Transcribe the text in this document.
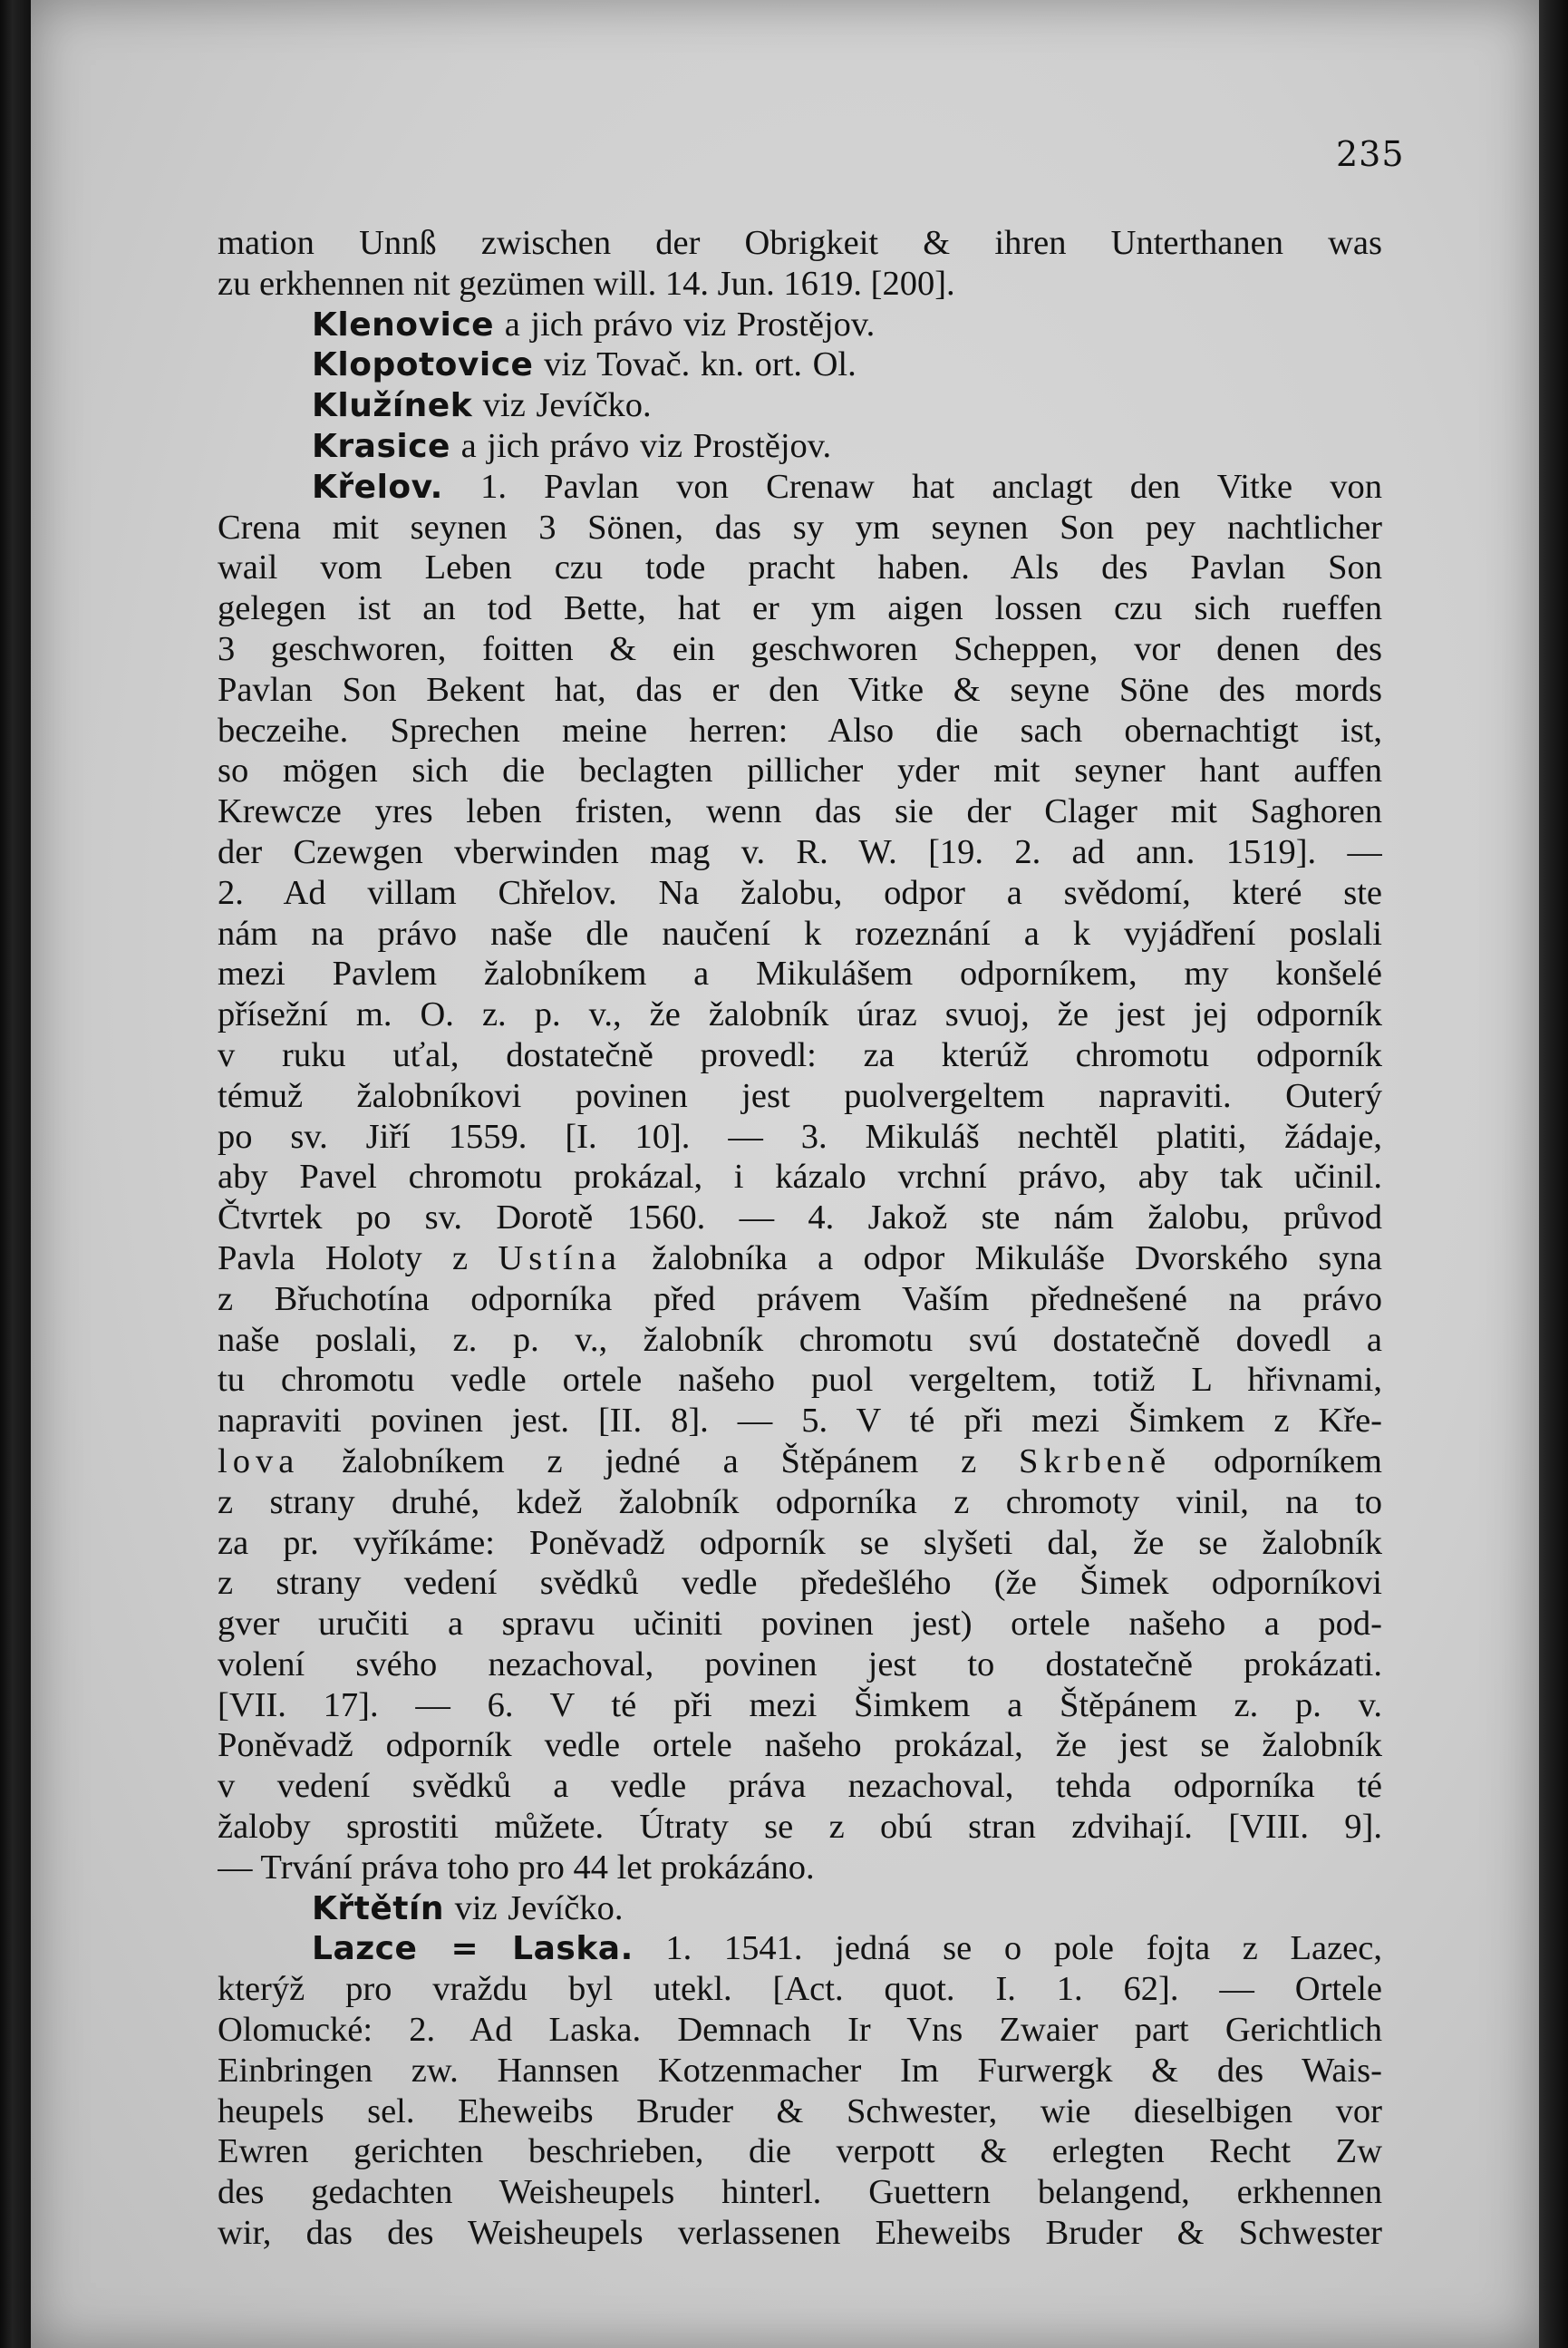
235
mation Unnß zwischen der Obrigkeit & ihren Unterthanen was
zu erkhennen nit gezümen will. 14. Jun. 1619. [200].
Klenovice a jich právo viz Prostějov.
Klopotovice viz Tovač. kn. ort. Ol.
Klužínek viz Jevíčko.
Krasice a jich právo viz Prostějov.
Křelov. 1. Pavlan von Crenaw hat anclagt den Vitke von
Crena mit seynen 3 Sönen, das sy ym seynen Son pey nachtlicher
wail vom Leben czu tode pracht haben. Als des Pavlan Son
gelegen ist an tod Bette, hat er ym aigen lossen czu sich rueffen
3 geschworen, foitten & ein geschworen Scheppen, vor denen des
Pavlan Son Bekent hat, das er den Vitke & seyne Söne des mords
beczeihe. Sprechen meine herren: Also die sach obernachtigt ist,
so mögen sich die beclagten pillicher yder mit seyner hant auffen
Krewcze yres leben fristen, wenn das sie der Clager mit Saghoren
der Czewgen vberwinden mag v. R. W. [19. 2. ad ann. 1519]. —
2. Ad villam Chřelov. Na žalobu, odpor a svědomí, které ste
nám na právo naše dle naučení k rozeznání a k vyjádření poslali
mezi Pavlem žalobníkem a Mikulášem odporníkem, my konšelé
přísežní m. O. z. p. v., že žalobník úraz svuoj, že jest jej odporník
v ruku uťal, dostatečně provedl: za kterúž chromotu odporník
témuž žalobníkovi povinen jest puolvergeltem napraviti. Outerý
po sv. Jiří 1559. [I. 10]. — 3. Mikuláš nechtěl platiti, žádaje,
aby Pavel chromotu prokázal, i kázalo vrchní právo, aby tak učinil.
Čtvrtek po sv. Dorotě 1560. — 4. Jakož ste nám žalobu, průvod
Pavla Holoty z Ustína žalobníka a odpor Mikuláše Dvorského syna
z Břuchotína odporníka před právem Vaším přednešené na právo
naše poslali, z. p. v., žalobník chromotu svú dostatečně dovedl a
tu chromotu vedle ortele našeho puol vergeltem, totiž L hřivnami,
napraviti povinen jest. [II. 8]. — 5. V té při mezi Šimkem z Kře-
lova žalobníkem z jedné a Štěpánem z Skrbeně odporníkem
z strany druhé, kdež žalobník odporníka z chromoty vinil, na to
za pr. vyříkáme: Poněvadž odporník se slyšeti dal, že se žalobník
z strany vedení svědků vedle předešlého (že Šimek odporníkovi
gver uručiti a spravu učiniti povinen jest) ortele našeho a pod-
volení svého nezachoval, povinen jest to dostatečně prokázati.
[VII. 17]. — 6. V té při mezi Šimkem a Štěpánem z. p. v.
Poněvadž odporník vedle ortele našeho prokázal, že jest se žalobník
v vedení svědků a vedle práva nezachoval, tehda odporníka té
žaloby sprostiti můžete. Útraty se z obú stran zdvihají. [VIII. 9].
— Trvání práva toho pro 44 let prokázáno.
Křtětín viz Jevíčko.
Lazce = Laska. 1. 1541. jedná se o pole fojta z Lazec,
kterýž pro vraždu byl utekl. [Act. quot. I. 1. 62]. — Ortele
Olomucké: 2. Ad Laska. Demnach Ir Vns Zwaier part Gerichtlich
Einbringen zw. Hannsen Kotzenmacher Im Furwergk & des Wais-
heupels sel. Eheweibs Bruder & Schwester, wie dieselbigen vor
Ewren gerichten beschrieben, die verpott & erlegten Recht Zw
des gedachten Weisheupels hinterl. Guettern belangend, erkhennen
wir, das des Weisheupels verlassenen Eheweibs Bruder & Schwester
